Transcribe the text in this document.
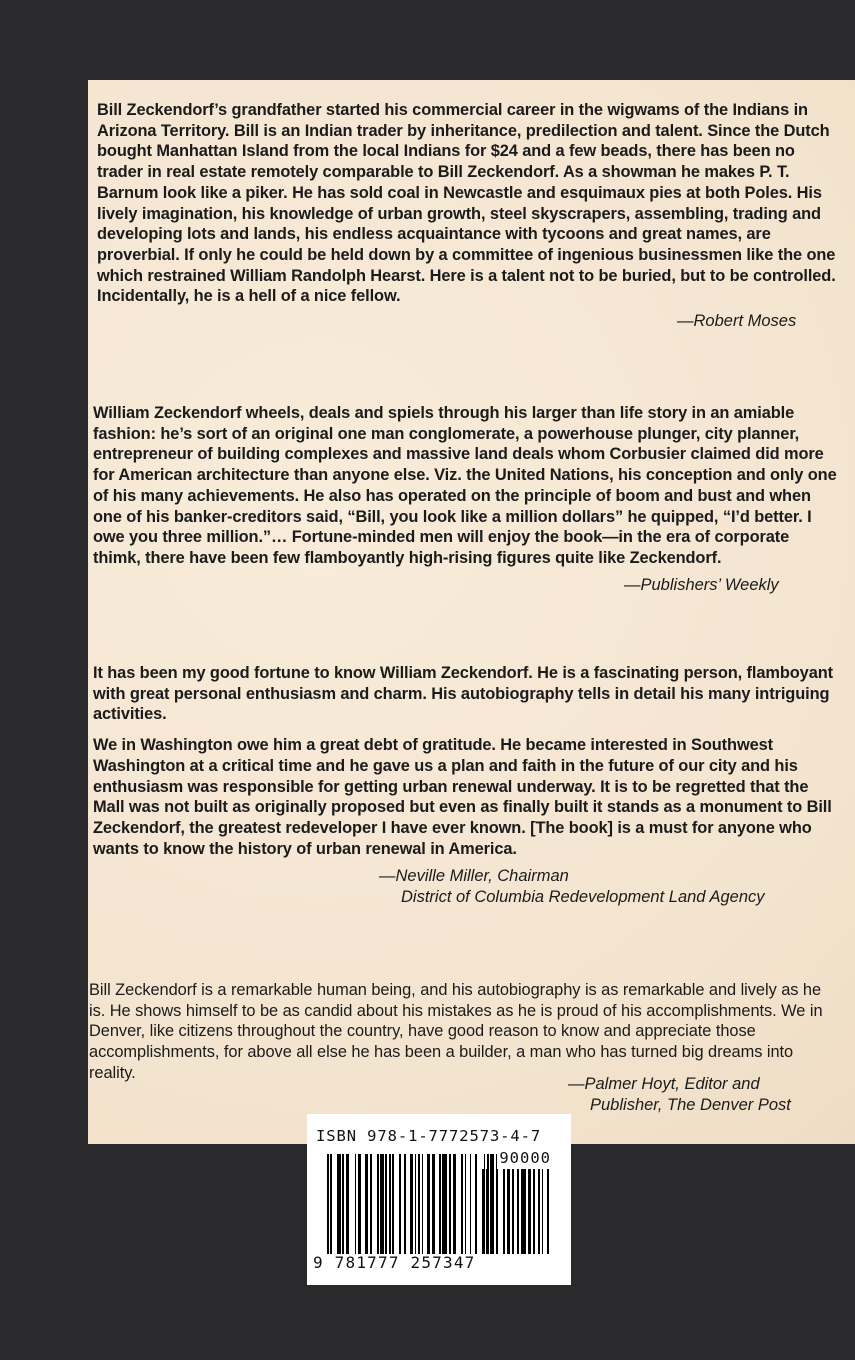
Bill Zeckendorf’s grandfather started his commercial career in the wigwams of the Indians in Arizona Territory. Bill is an Indian trader by inheritance, predilection and talent. Since the Dutch bought Manhattan Island from the local Indians for $24 and a few beads, there has been no trader in real estate remotely comparable to Bill Zeckendorf. As a showman he makes P. T. Barnum look like a piker. He has sold coal in Newcastle and esquimaux pies at both Poles. His lively imagination, his knowledge of urban growth, steel skyscrapers, assembling, trading and developing lots and lands, his endless acquaintance with tycoons and great names, are proverbial. If only he could be held down by a committee of ingenious businessmen like the one which restrained William Randolph Hearst. Here is a talent not to be buried, but to be controlled. Incidentally, he is a hell of a nice fellow.

—Robert Moses

William Zeckendorf wheels, deals and spiels through his larger than life story in an amiable fashion: he’s sort of an original one man conglomerate, a powerhouse plunger, city planner, entrepreneur of building complexes and massive land deals whom Corbusier claimed did more for American architecture than anyone else. Viz. the United Nations, his conception and only one of his many achievements. He also has operated on the principle of boom and bust and when one of his banker-creditors said, “Bill, you look like a million dollars” he quipped, “I’d better. I owe you three million.”… Fortune-minded men will enjoy the book—in the era of corporate thimk, there have been few flamboyantly high-rising figures quite like Zeckendorf.

—Publishers’ Weekly

It has been my good fortune to know William Zeckendorf. He is a fascinating person, flamboyant with great personal enthusiasm and charm. His autobiography tells in detail his many intriguing activities.

We in Washington owe him a great debt of gratitude. He became interested in Southwest Washington at a critical time and he gave us a plan and faith in the future of our city and his enthusiasm was responsible for getting urban renewal underway. It is to be regretted that the Mall was not built as originally proposed but even as finally built it stands as a monument to Bill Zeckendorf, the greatest redeveloper I have ever known. [The book] is a must for anyone who wants to know the history of urban renewal in America.

—Neville Miller, Chairman
District of Columbia Redevelopment Land Agency

Bill Zeckendorf is a remarkable human being, and his autobiography is as remarkable and lively as he is. He shows himself to be as candid about his mistakes as he is proud of his accomplishments. We in Denver, like citizens throughout the country, have good reason to know and appreciate those accomplishments, for above all else he has been a builder, a man who has turned big dreams into reality.

—Palmer Hoyt, Editor and
Publisher, The Denver Post
ISBN 978-1-7772573-4-7
90000
9 781777 257347
